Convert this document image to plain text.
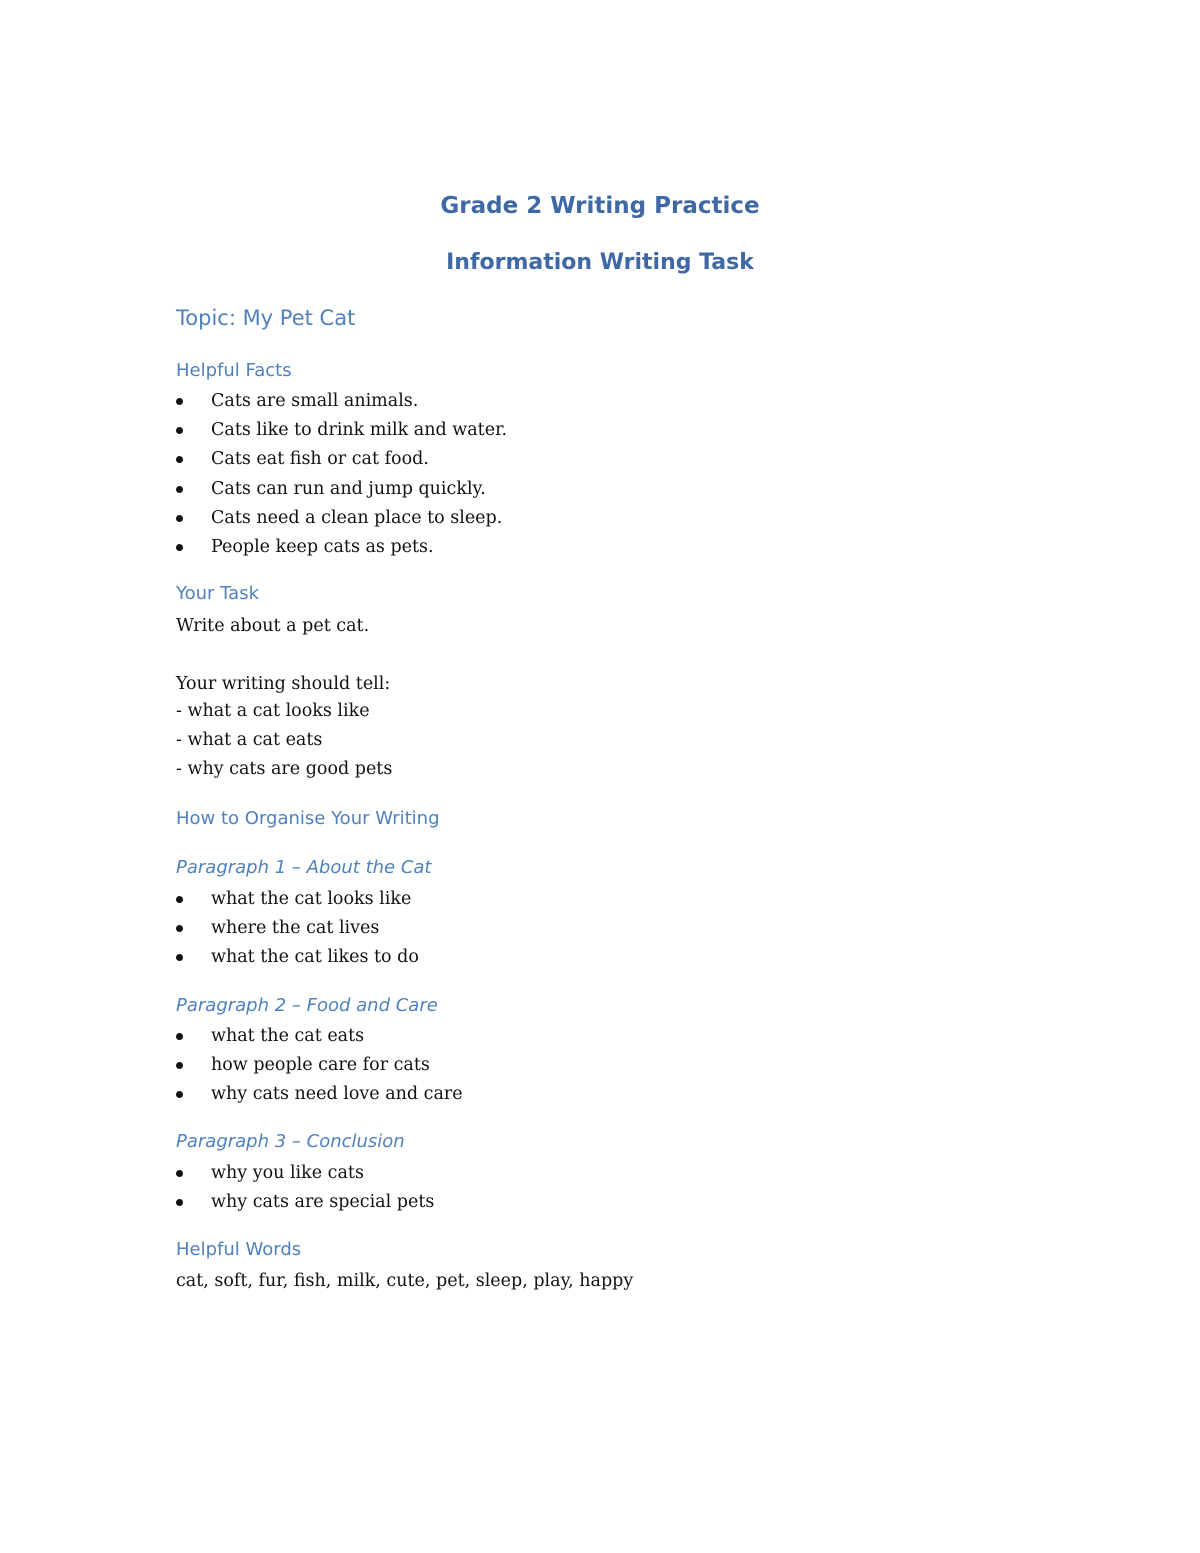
Grade 2 Writing Practice
Information Writing Task
Topic: My Pet Cat
Helpful Facts
Cats are small animals.
Cats like to drink milk and water.
Cats eat fish or cat food.
Cats can run and jump quickly.
Cats need a clean place to sleep.
People keep cats as pets.
Your Task

Write about a pet cat.

Your writing should tell:

- what a cat looks like
- what a cat eats
- why cats are good pets
How to Organise Your Writing
Paragraph 1 – About the Cat
what the cat looks like
where the cat lives
what the cat likes to do
Paragraph 2 – Food and Care
what the cat eats
how people care for cats
why cats need love and care
Paragraph 3 – Conclusion
why you like cats
why cats are special pets
Helpful Words

cat, soft, fur, fish, milk, cute, pet, sleep, play, happy
